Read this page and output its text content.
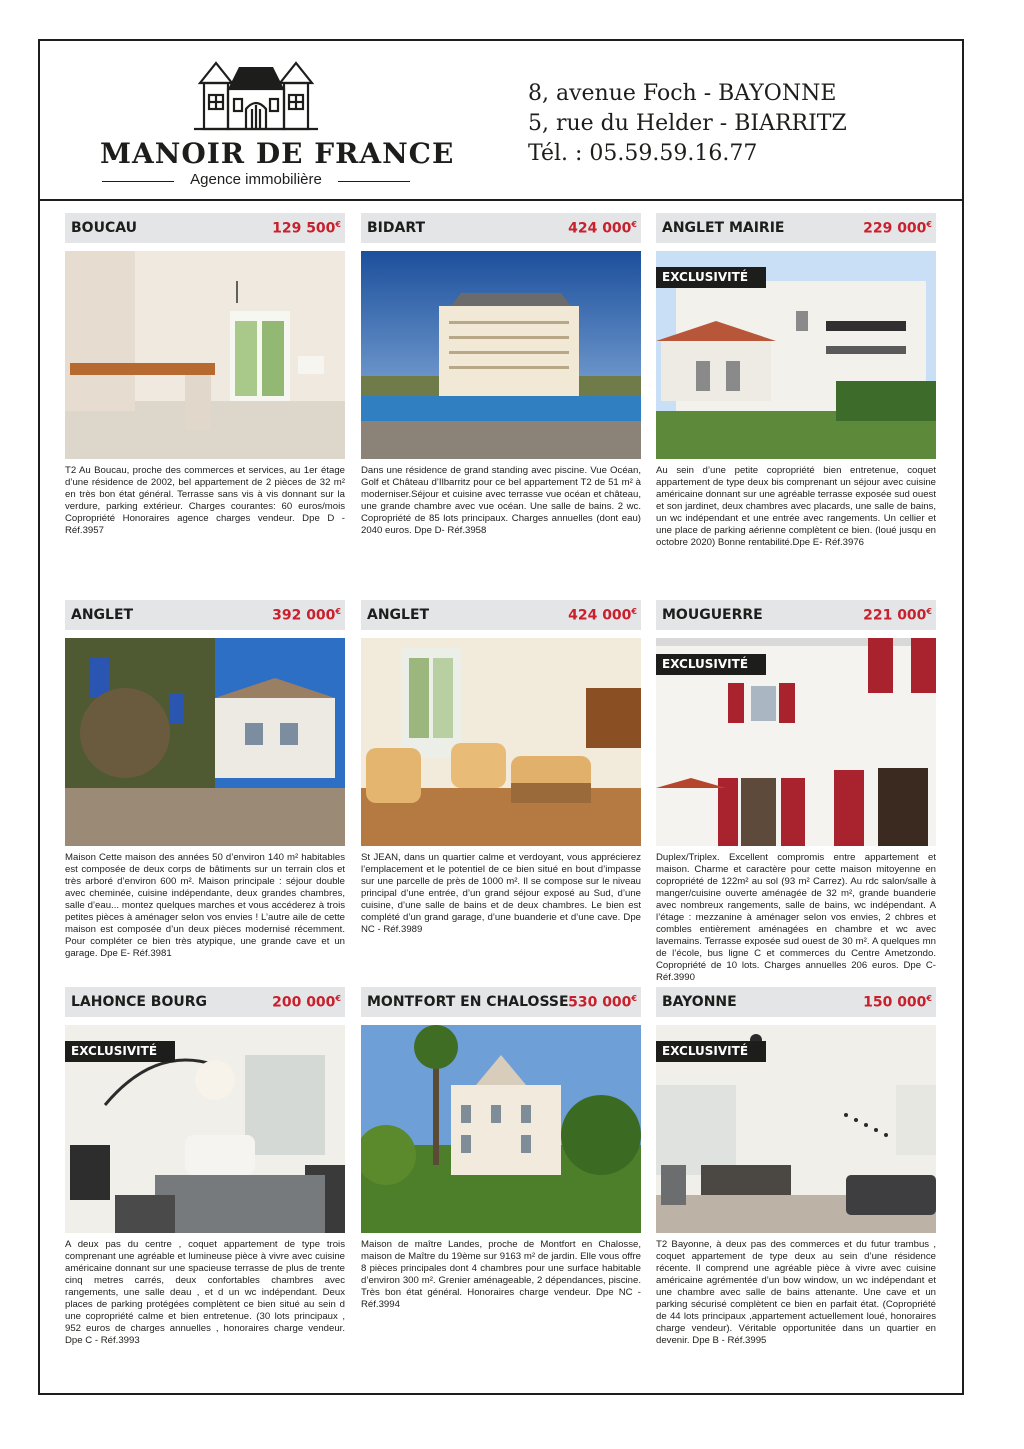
MANOIR DE FRANCE
Agence immobilière
8, avenue Foch - BAYONNE
5, rue du Helder - BIARRITZ
Tél. : 05.59.59.16.77
BOUCAU	129 500€
T2 Au Boucau, proche des commerces et services, au 1er étage d’une résidence de 2002, bel appartement de 2 pièces de 32 m² en très bon état général. Terrasse sans vis à vis donnant sur la verdure, parking extérieur. Charges courantes: 60 euros/mois Copropriété Honoraires agence charges vendeur. Dpe D - Réf.3957
BIDART	424 000€
Dans une résidence de grand standing avec piscine. Vue Océan, Golf et Château d’Ilbarritz pour ce bel appartement T2 de 51 m² à moderniser.Séjour et cuisine avec terrasse vue océan et château, une grande chambre avec vue océan. Une salle de bains. 2 wc. Copropriété de 85 lots principaux. Charges annuelles (dont eau) 2040 euros. Dpe D- Réf.3958
ANGLET MAIRIE	229 000€
EXCLUSIVITÉ
Au sein d’une petite copropriété bien entretenue, coquet appartement de type deux bis comprenant un séjour avec cuisine américaine donnant sur une agréable terrasse exposée sud ouest et son jardinet, deux chambres avec placards, une salle de bains, un wc indépendant et une entrée avec rangements. Un cellier et une place de parking aérienne complètent ce bien. (loué jusqu en octobre 2020) Bonne rentabilité.Dpe E- Réf.3976
ANGLET	392 000€
Maison Cette maison des années 50 d’environ 140 m² habitables est composée de deux corps de bâtiments sur un terrain clos et très arboré d’environ 600 m². Maison principale : séjour double avec cheminée, cuisine indépendante, deux grandes chambres, salle d’eau... montez quelques marches et vous accéderez à trois petites pièces à aménager selon vos envies ! L’autre aile de cette maison est composée d’un deux pièces modernisé récemment. Pour compléter ce bien très atypique, une grande cave et un garage. Dpe E- Réf.3981
ANGLET	424 000€
St JEAN, dans un quartier calme et verdoyant, vous apprécierez l’emplacement et le potentiel de ce bien situé en bout d’impasse sur une parcelle de près de 1000 m². Il se compose sur le niveau principal d’une entrée, d’un grand séjour exposé au Sud, d’une cuisine, d’une salle de bains et de deux chambres. Le bien est complété d’un grand garage, d’une buanderie et d’une cave. Dpe NC - Réf.3989
MOUGUERRE	221 000€
EXCLUSIVITÉ
Duplex/Triplex. Excellent compromis entre appartement et maison. Charme et caractère pour cette maison mitoyenne en copropriété de 122m² au sol (93 m² Carrez). Au rdc salon/salle à manger/cuisine ouverte aménagée de 32 m², grande buanderie avec nombreux rangements, salle de bains, wc indépendant. A l’étage : mezzanine à aménager selon vos envies, 2 chbres et combles entièrement aménagées en chambre et wc avec lavemains. Terrasse exposée sud ouest de 30 m². A quelques mn de l’école, bus ligne C et commerces du Centre Ametzondo. Copropriété de 10 lots. Charges annuelles 206 euros. Dpe C- Réf.3990
LAHONCE BOURG	200 000€
EXCLUSIVITÉ
A deux pas du centre , coquet appartement de type trois comprenant une agréable et lumineuse pièce à vivre avec cuisine américaine donnant sur une spacieuse terrasse de plus de trente cinq metres carrés, deux confortables chambres avec rangements, une salle deau , et d un wc indépendant. Deux places de parking protégées complètent ce bien situé au sein d une copropriété calme et bien entretenue. (30 lots principaux , 952 euros de charges annuelles , honoraires charge vendeur. Dpe C - Réf.3993
MONTFORT EN CHALOSSE 530 000€
Maison de maître Landes, proche de Montfort en Chalosse, maison de Maître du 19ème sur 9163 m² de jardin. Elle vous offre 8 pièces principales dont 4 chambres pour une surface habitable d’environ 300 m². Grenier aménageable, 2 dépendances, piscine. Très bon état général. Honoraires charge vendeur. Dpe NC - Réf.3994
BAYONNE	150 000€
EXCLUSIVITÉ
T2 Bayonne, à deux pas des commerces et du futur trambus , coquet appartement de type deux au sein d’une résidence récente. Il comprend une agréable pièce à vivre avec cuisine américaine agrémentée d’un bow window, un wc indépendant et une chambre avec salle de bains attenante. Une cave et un parking sécurisé complètent ce bien en parfait état. (Copropriété de 44 lots principaux ,appartement actuellement loué, honoraires charge vendeur). Véritable opportunitée dans un quartier en devenir. Dpe B - Réf.3995
